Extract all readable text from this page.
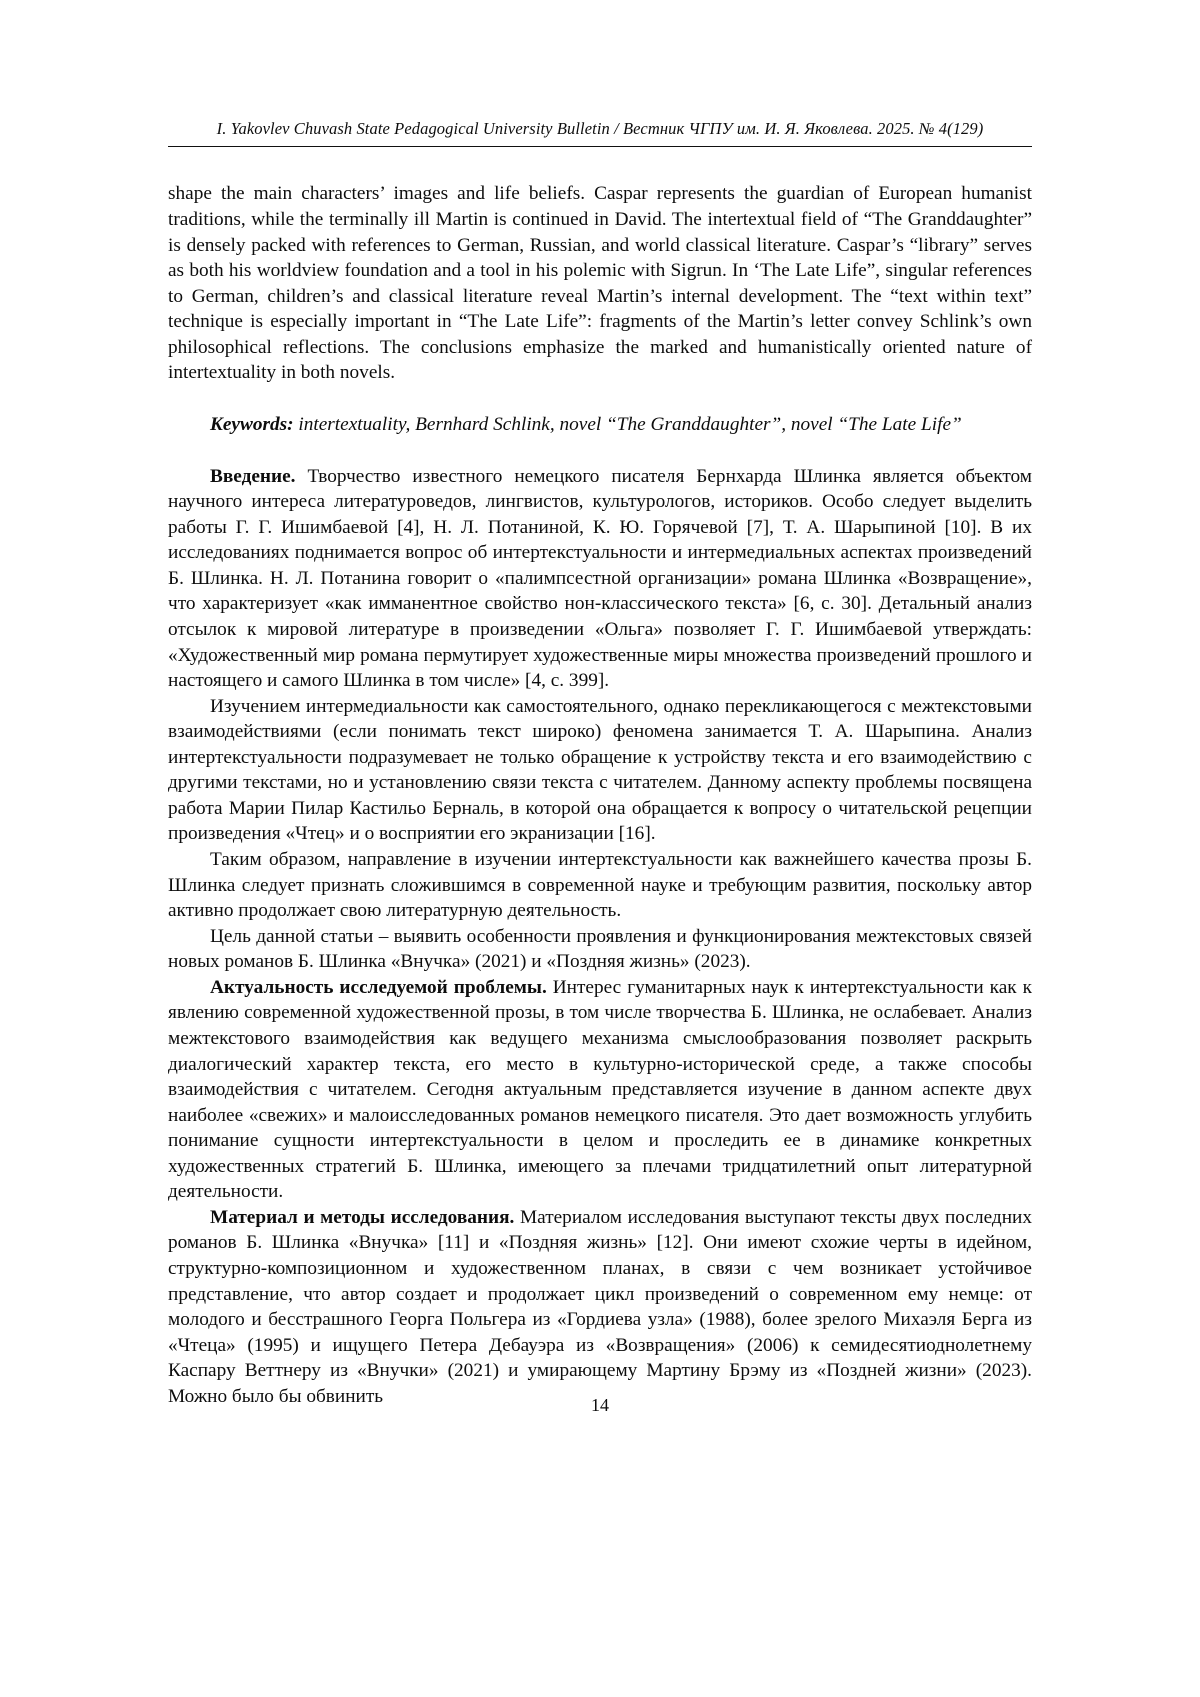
I. Yakovlev Chuvash State Pedagogical University Bulletin / Вестник ЧГПУ им. И. Я. Яковлева. 2025. № 4(129)

shape the main characters’ images and life beliefs. Caspar represents the guardian of European humanist traditions, while the terminally ill Martin is continued in David. The intertextual field of “The Granddaughter” is densely packed with references to German, Russian, and world classical literature. Caspar’s “library” serves as both his worldview foundation and a tool in his polemic with Sigrun. In ‘The Late Life”, singular references to German, children’s and classical literature reveal Martin’s internal development. The “text within text” technique is especially important in “The Late Life”: fragments of the Martin’s letter convey Schlink’s own philosophical reflections. The conclusions emphasize the marked and humanistically oriented nature of intertextuality in both novels.

Keywords: intertextuality, Bernhard Schlink, novel “The Granddaughter”, novel “The Late Life”

Введение. Творчество известного немецкого писателя Бернхарда Шлинка является объектом научного интереса литературоведов, лингвистов, культурологов, историков. Особо следует выделить работы Г. Г. Ишимбаевой [4], Н. Л. Потаниной, К. Ю. Горячевой [7], Т. А. Шарыпиной [10]. В их исследованиях поднимается вопрос об интертекстуальности и интермедиальных аспектах произведений Б. Шлинка. Н. Л. Потанина говорит о «палимпсестной организации» романа Шлинка «Возвращение», что характеризует «как имманентное свойство нон-классического текста» [6, с. 30]. Детальный анализ отсылок к мировой литературе в произведении «Ольга» позволяет Г. Г. Ишимбаевой утверждать: «Художественный мир романа пермутирует художественные миры множества произведений прошлого и настоящего и самого Шлинка в том числе» [4, с. 399].

Изучением интермедиальности как самостоятельного, однако перекликающегося с межтекстовыми взаимодействиями (если понимать текст широко) феномена занимается Т. А. Шарыпина. Анализ интертекстуальности подразумевает не только обращение к устройству текста и его взаимодействию с другими текстами, но и установлению связи текста с читателем. Данному аспекту проблемы посвящена работа Марии Пилар Кастильо Берналь, в которой она обращается к вопросу о читательской рецепции произведения «Чтец» и о восприятии его экранизации [16].

Таким образом, направление в изучении интертекстуальности как важнейшего качества прозы Б. Шлинка следует признать сложившимся в современной науке и требующим развития, поскольку автор активно продолжает свою литературную деятельность.

Цель данной статьи – выявить особенности проявления и функционирования межтекстовых связей новых романов Б. Шлинка «Внучка» (2021) и «Поздняя жизнь» (2023).

Актуальность исследуемой проблемы. Интерес гуманитарных наук к интертекстуальности как к явлению современной художественной прозы, в том числе творчества Б. Шлинка, не ослабевает. Анализ межтекстового взаимодействия как ведущего механизма смыслообразования позволяет раскрыть диалогический характер текста, его место в культурно-исторической среде, а также способы взаимодействия с читателем. Сегодня актуальным представляется изучение в данном аспекте двух наиболее «свежих» и малоисследованных романов немецкого писателя. Это дает возможность углубить понимание сущности интертекстуальности в целом и проследить ее в динамике конкретных художественных стратегий Б. Шлинка, имеющего за плечами тридцатилетний опыт литературной деятельности.

Материал и методы исследования. Материалом исследования выступают тексты двух последних романов Б. Шлинка «Внучка» [11] и «Поздняя жизнь» [12]. Они имеют схожие черты в идейном, структурно-композиционном и художественном планах, в связи с чем возникает устойчивое представление, что автор создает и продолжает цикл произведений о современном ему немце: от молодого и бесстрашного Георга Польгера из «Гордиева узла» (1988), более зрелого Михаэля Берга из «Чтеца» (1995) и ищущего Петера Дебауэра из «Возвращения» (2006) к семидесятиоднолетнему Каспару Веттнеру из «Внучки» (2021) и умирающему Мартину Брэму из «Поздней жизни» (2023). Можно было бы обвинить	14
